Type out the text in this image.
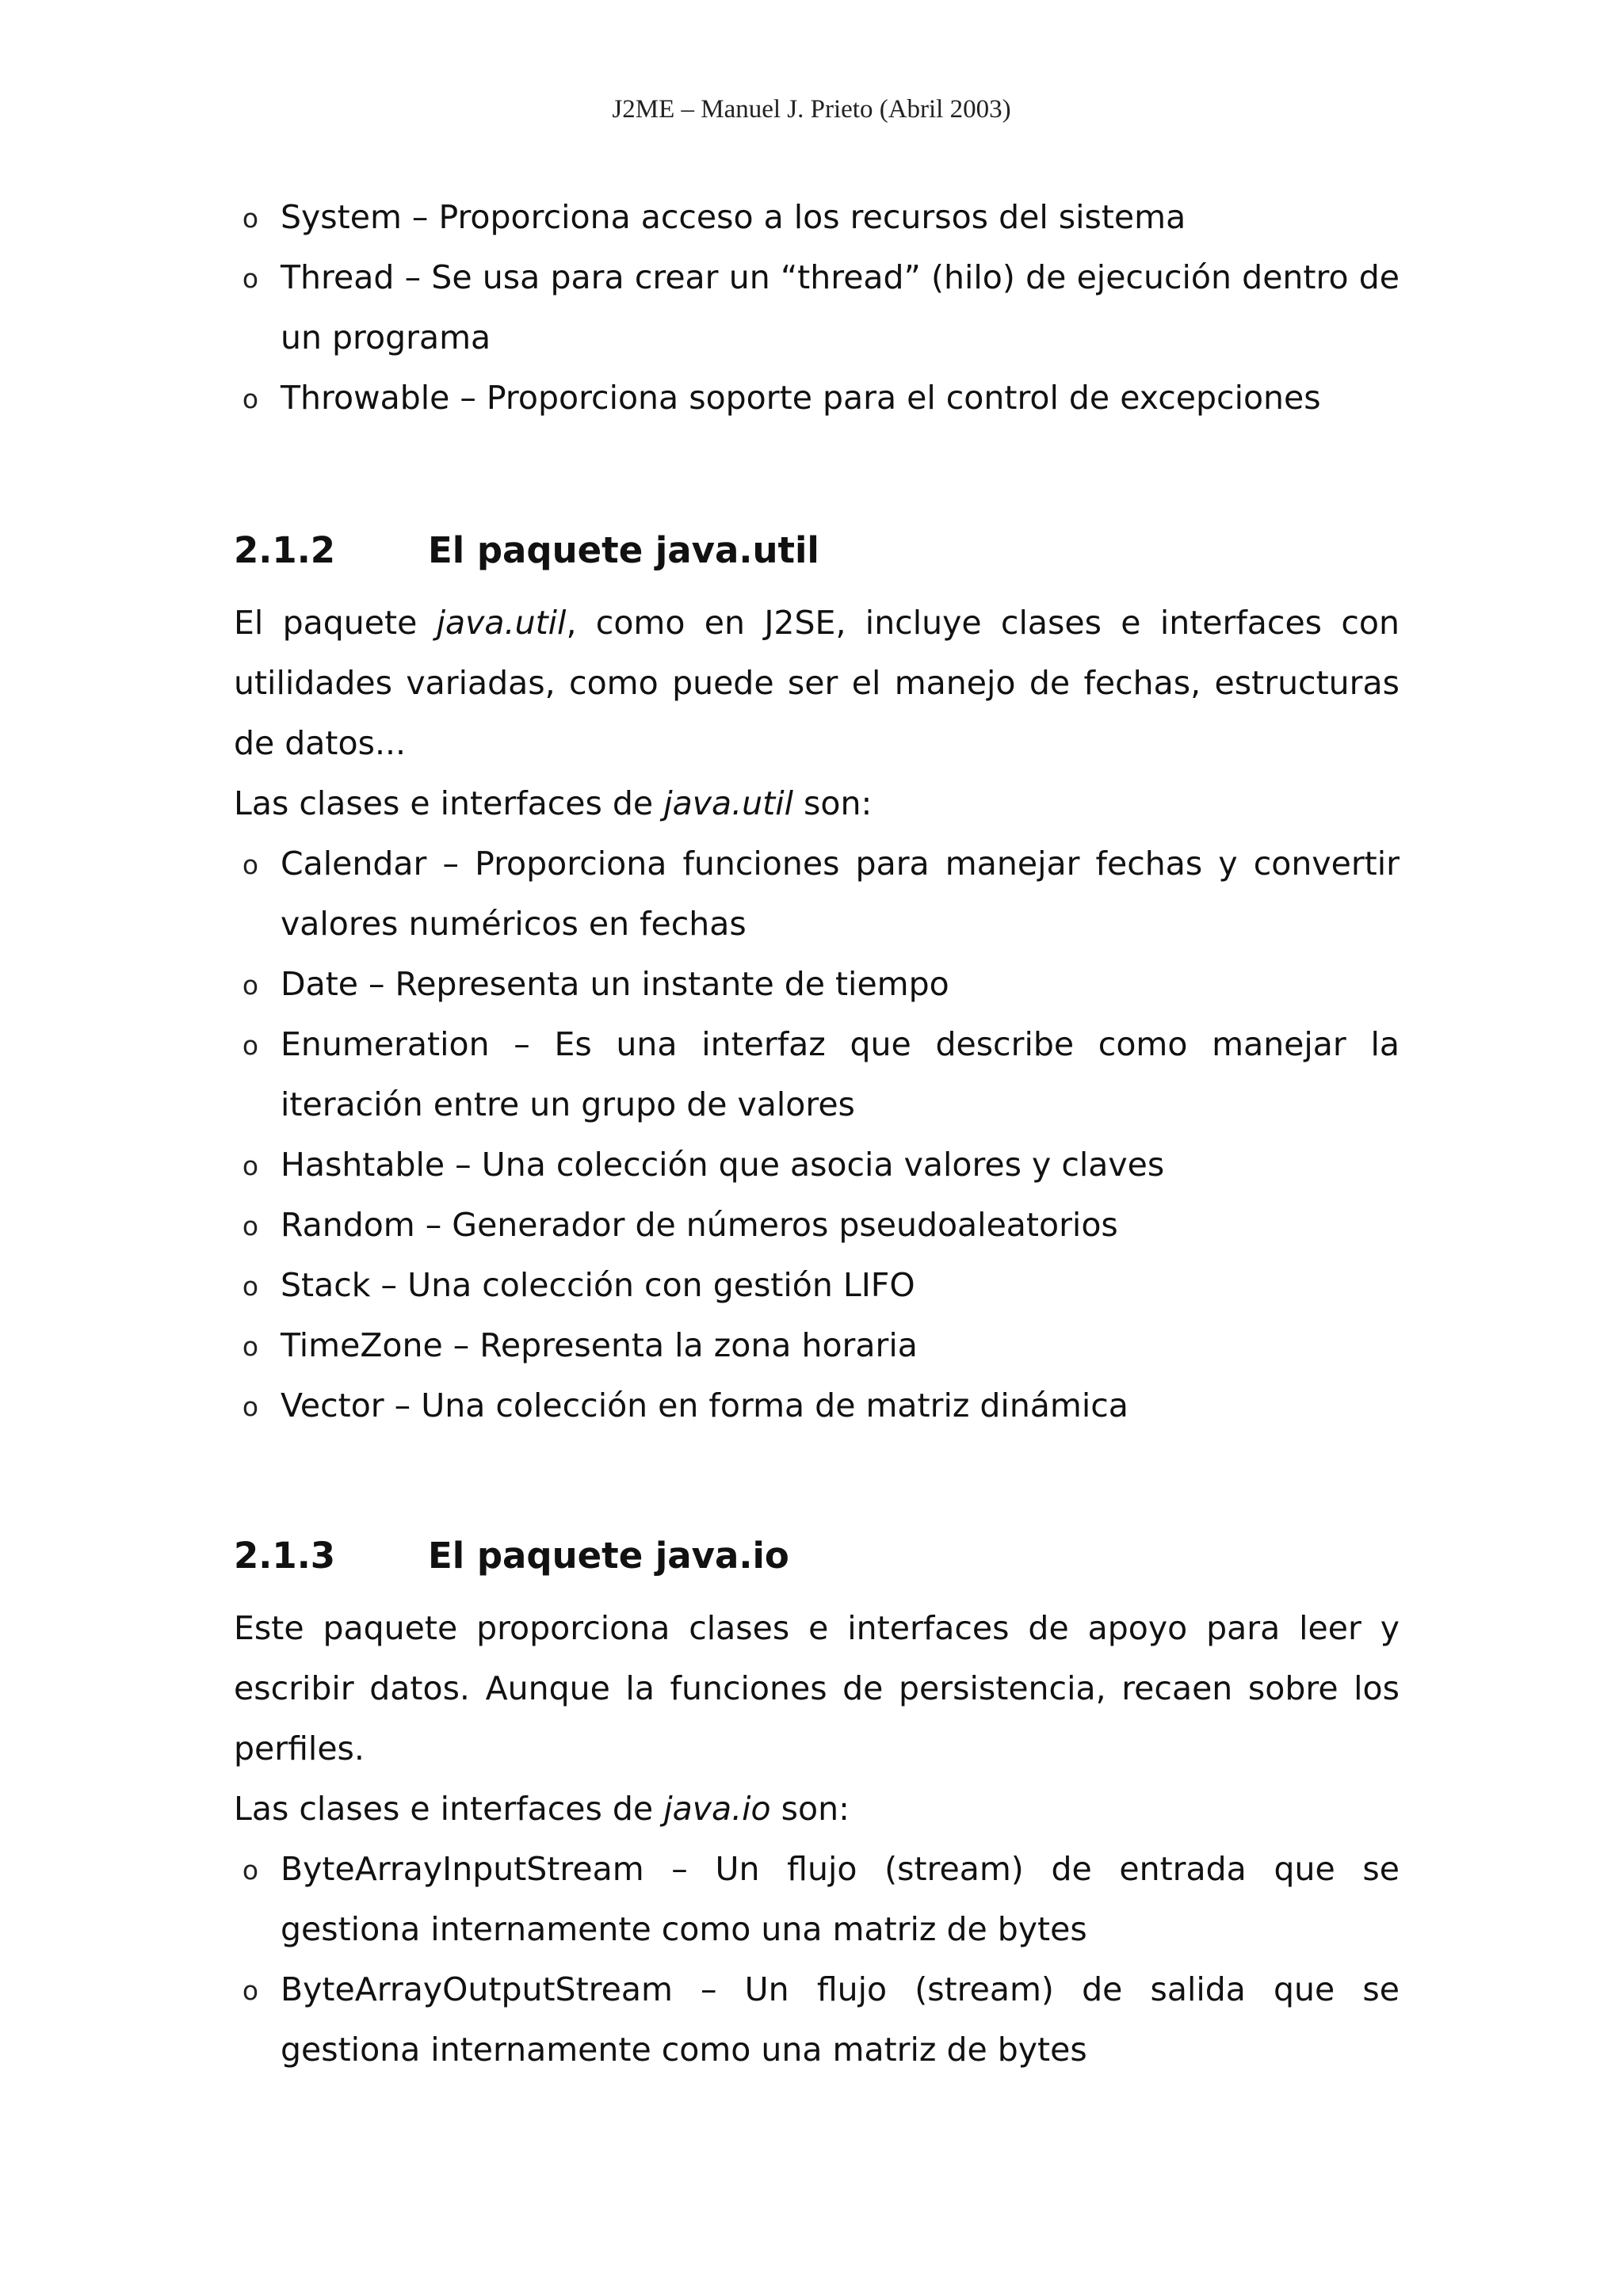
J2ME – Manuel J. Prieto (Abril 2003)
o System – Proporciona acceso a los recursos del sistema
o Thread – Se usa para crear un “thread” (hilo) de ejecución dentro de un programa
o Throwable – Proporciona soporte para el control de excepciones
2.1.2	El paquete java.util
El paquete java.util, como en J2SE, incluye clases e interfaces con utilidades variadas, como puede ser el manejo de fechas, estructuras de datos...
Las clases e interfaces de java.util son:
o Calendar – Proporciona funciones para manejar fechas y convertir valores numéricos en fechas
o Date – Representa un instante de tiempo
o Enumeration – Es una interfaz que describe como manejar la iteración entre un grupo de valores
o Hashtable – Una colección que asocia valores y claves
o Random – Generador de números pseudoaleatorios
o Stack – Una colección con gestión LIFO
o TimeZone – Representa la zona horaria
o Vector – Una colección en forma de matriz dinámica
2.1.3	El paquete java.io
Este paquete proporciona clases e interfaces de apoyo para leer y escribir datos. Aunque la funciones de persistencia, recaen sobre los perfiles.
Las clases e interfaces de java.io son:
o ByteArrayInputStream – Un flujo (stream) de entrada que se gestiona internamente como una matriz de bytes
o ByteArrayOutputStream – Un flujo (stream) de salida que se gestiona internamente como una matriz de bytes
